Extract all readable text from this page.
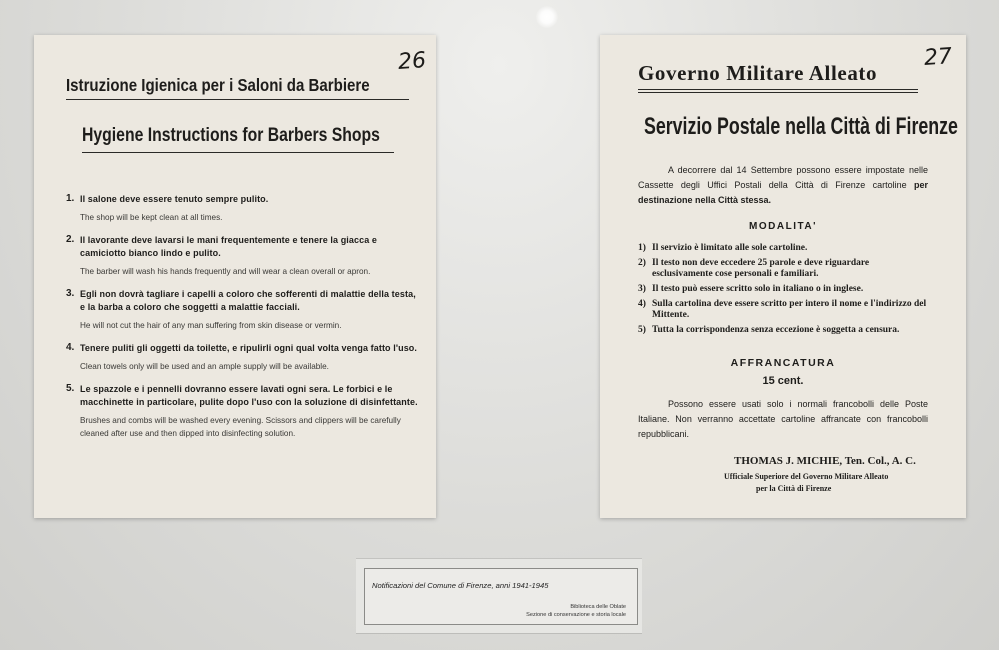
26
Istruzione Igienica per i Saloni da Barbiere
Hygiene Instructions for Barbers Shops
1. Il salone deve essere tenuto sempre pulito.
The shop will be kept clean at all times.
2. Il lavorante deve lavarsi le mani frequentemente e tenere la giacca e camiciotto bianco lindo e pulito.
The barber will wash his hands frequently and will wear a clean overall or apron.
3. Egli non dovrà tagliare i capelli a coloro che sofferenti di malattie della testa, e la barba a coloro che soggetti a malattie facciali.
He will not cut the hair of any man suffering from skin disease or vermin.
4. Tenere puliti gli oggetti da toilette, e ripulirli ogni qual volta venga fatto l'uso.
Clean towels only will be used and an ample supply will be available.
5. Le spazzole e i pennelli dovranno essere lavati ogni sera. Le forbici e le macchinette in particolare, pulite dopo l'uso con la soluzione di disinfettante.
Brushes and combs will be washed every evening. Scissors and clippers will be carefully cleaned after use and then dipped into disinfecting solution.
27
Governo Militare Alleato
Servizio Postale nella Città di Firenze
A decorrere dal 14 Settembre possono essere impostate nelle Cassette degli Uffici Postali della Città di Firenze cartoline per destinazione nella Città stessa.
MODALITA'
1) Il servizio è limitato alle sole cartoline.
2) Il testo non deve eccedere 25 parole e deve riguardare esclusivamente cose personali e familiari.
3) Il testo può essere scritto solo in italiano o in inglese.
4) Sulla cartolina deve essere scritto per intero il nome e l'indirizzo del Mittente.
5) Tutta la corrispondenza senza eccezione è soggetta a censura.
AFFRANCATURA
15 cent.
Possono essere usati solo i normali francobolli delle Poste Italiane. Non verranno accettate cartoline affrancate con francobolli repubblicani.
THOMAS J. MICHIE, Ten. Col., A. C.
Ufficiale Superiore del Governo Militare Alleato
per la Città di Firenze
Notificazioni del Comune di Firenze, anni 1941-1945
Biblioteca delle Oblate
Sezione di conservazione e storia locale
